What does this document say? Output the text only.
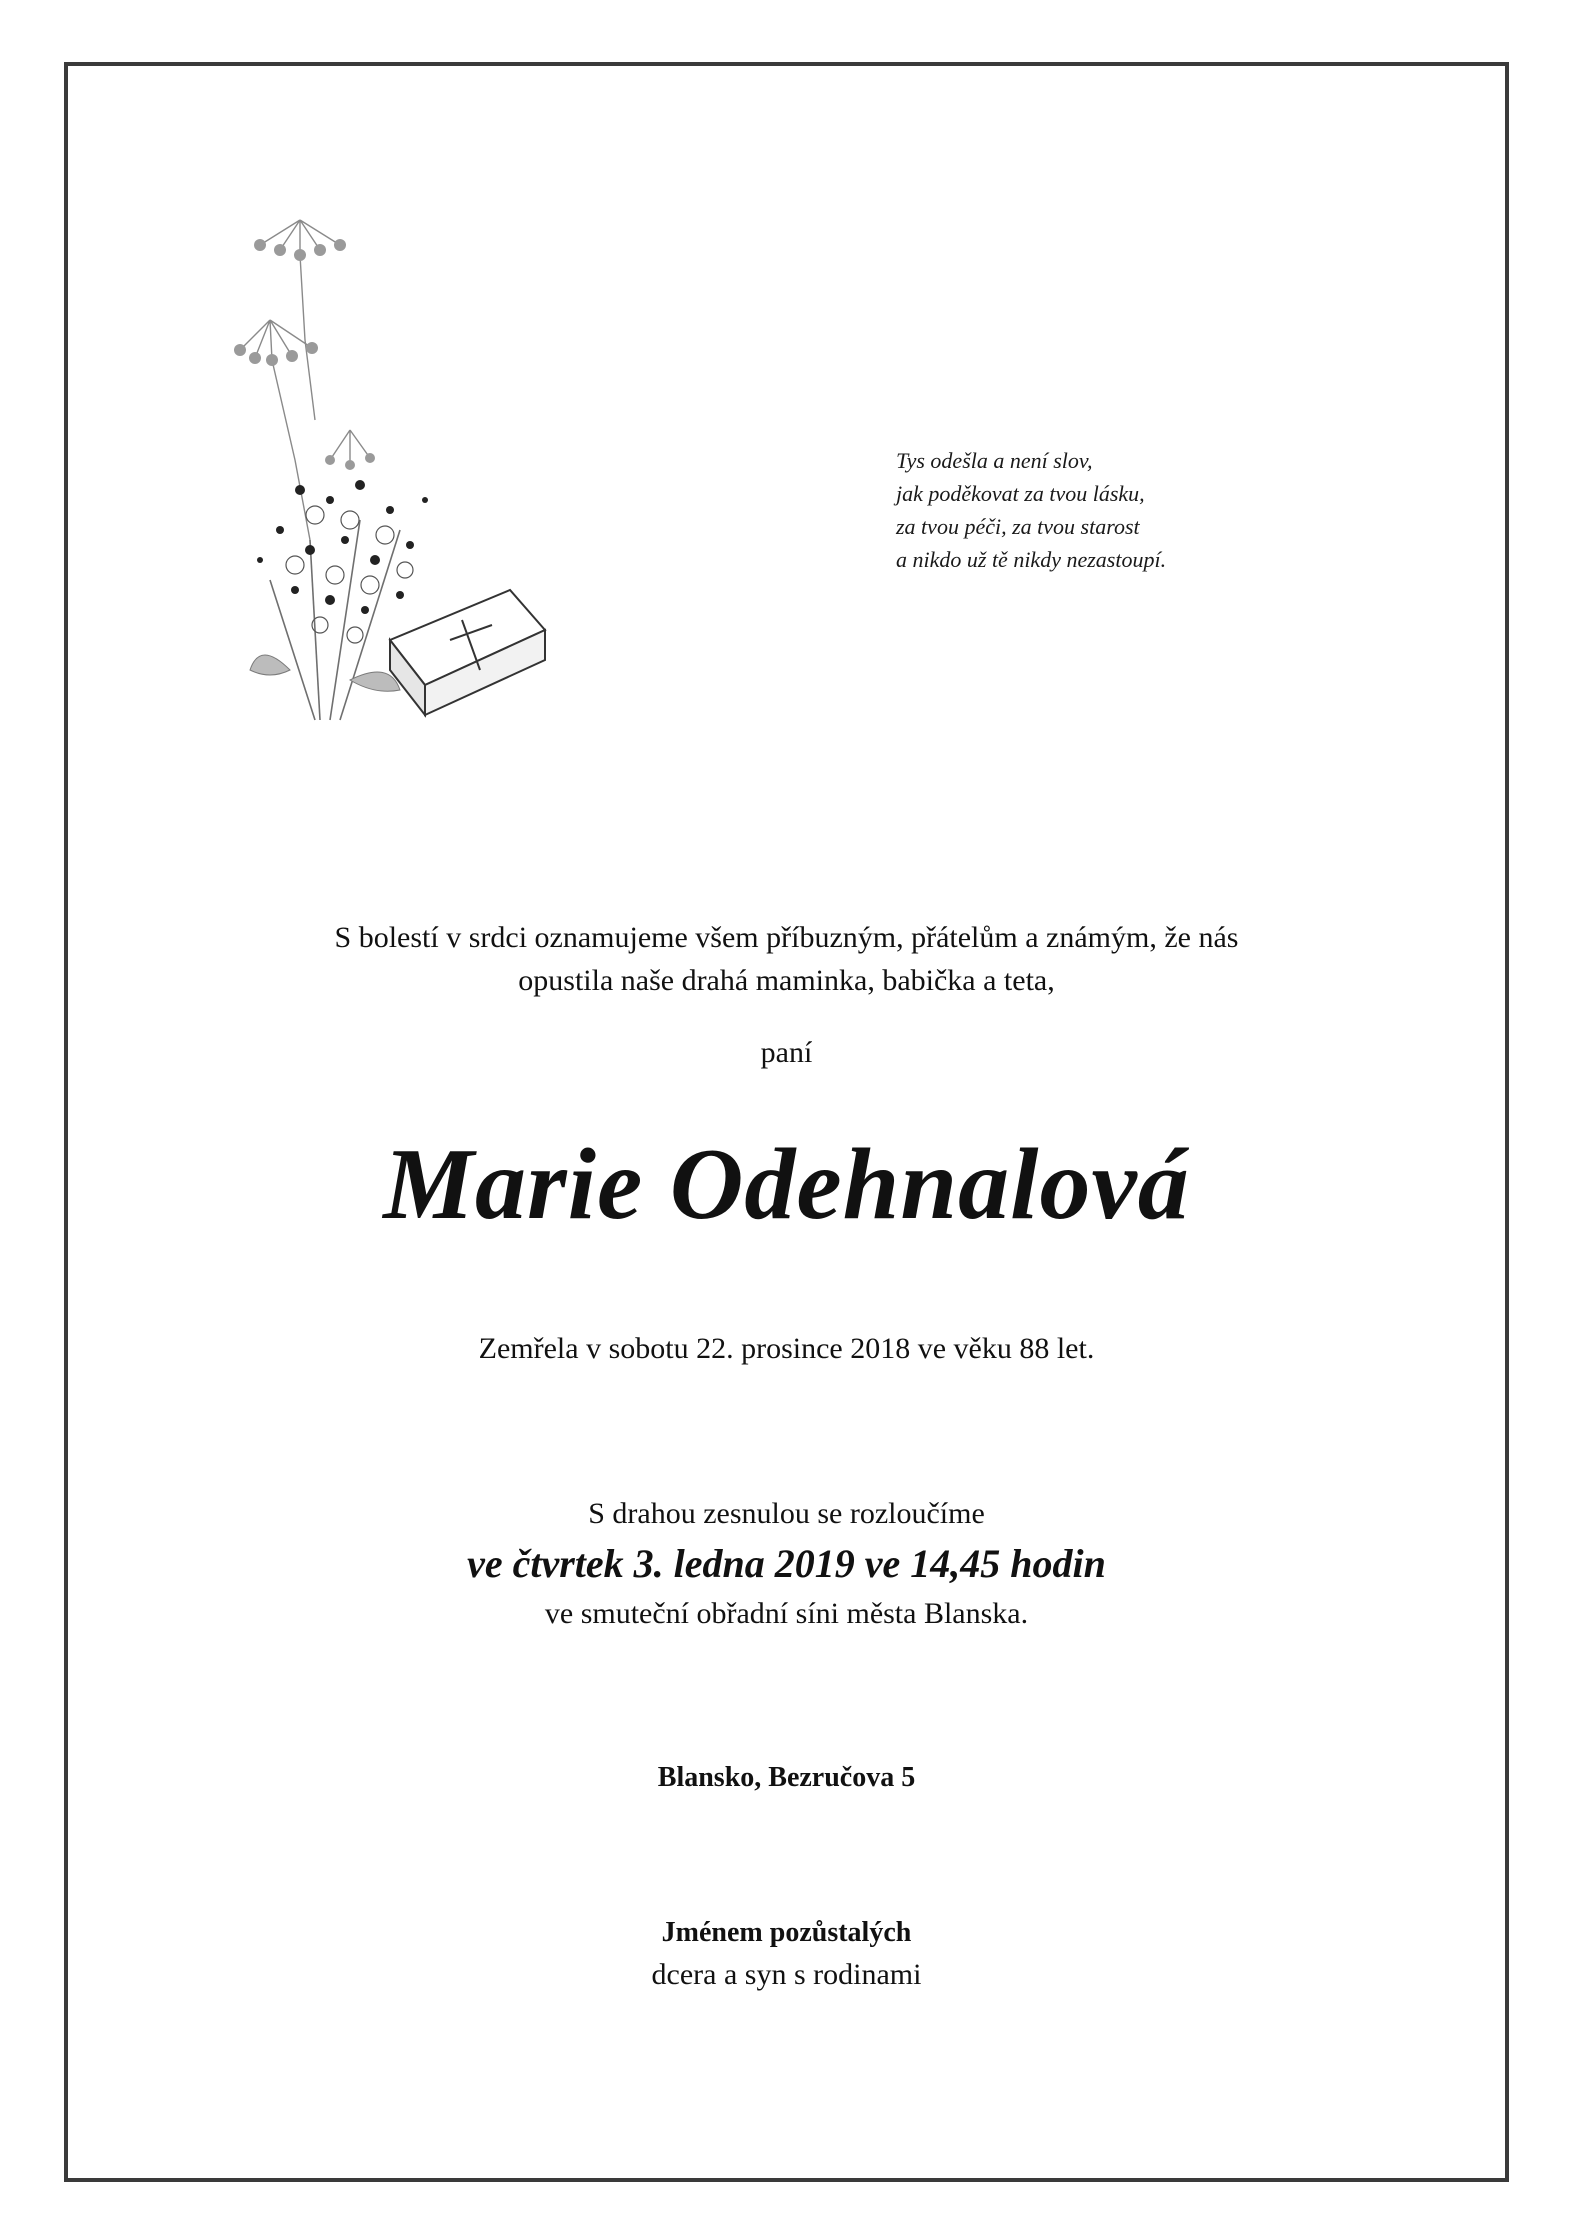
Tys odešla a není slov,
jak poděkovat za tvou lásku,
za tvou péči, za tvou starost
a nikdo už tě nikdy nezastoupí.
S bolestí v srdci oznamujeme všem příbuzným, přátelům a známým, že nás
opustila naše drahá maminka, babička a teta,
paní
Marie Odehnalová
Zemřela v sobotu 22. prosince 2018 ve věku 88 let.
S drahou zesnulou se rozloučíme
ve čtvrtek 3. ledna 2019 ve 14,45 hodin
ve smuteční obřadní síni města Blanska.
Blansko, Bezručova 5
Jménem pozůstalých
dcera a syn s rodinami
